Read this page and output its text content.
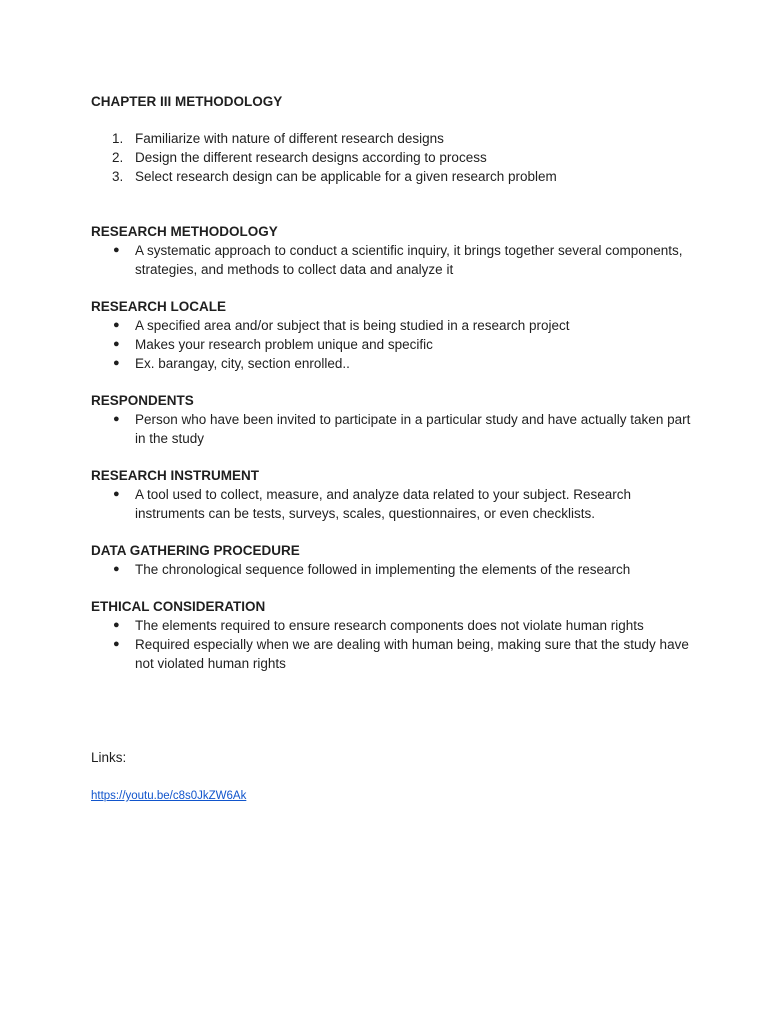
CHAPTER III METHODOLOGY
1. Familiarize with nature of different research designs
2. Design the different research designs according to process
3. Select research design can be applicable for a given research problem
RESEARCH METHODOLOGY
● A systematic approach to conduct a scientific inquiry, it brings together several components, strategies, and methods to collect data and analyze it
RESEARCH LOCALE
● A specified area and/or subject that is being studied in a research project
● Makes your research problem unique and specific
● Ex. barangay, city, section enrolled..
RESPONDENTS
● Person who have been invited to participate in a particular study and have actually taken part in the study
RESEARCH INSTRUMENT
● A tool used to collect, measure, and analyze data related to your subject. Research instruments can be tests, surveys, scales, questionnaires, or even checklists.
DATA GATHERING PROCEDURE
● The chronological sequence followed in implementing the elements of the research
ETHICAL CONSIDERATION
● The elements required to ensure research components does not violate human rights
● Required especially when we are dealing with human being, making sure that the study have not violated human rights
Links:
https://youtu.be/c8s0JkZW6Ak
